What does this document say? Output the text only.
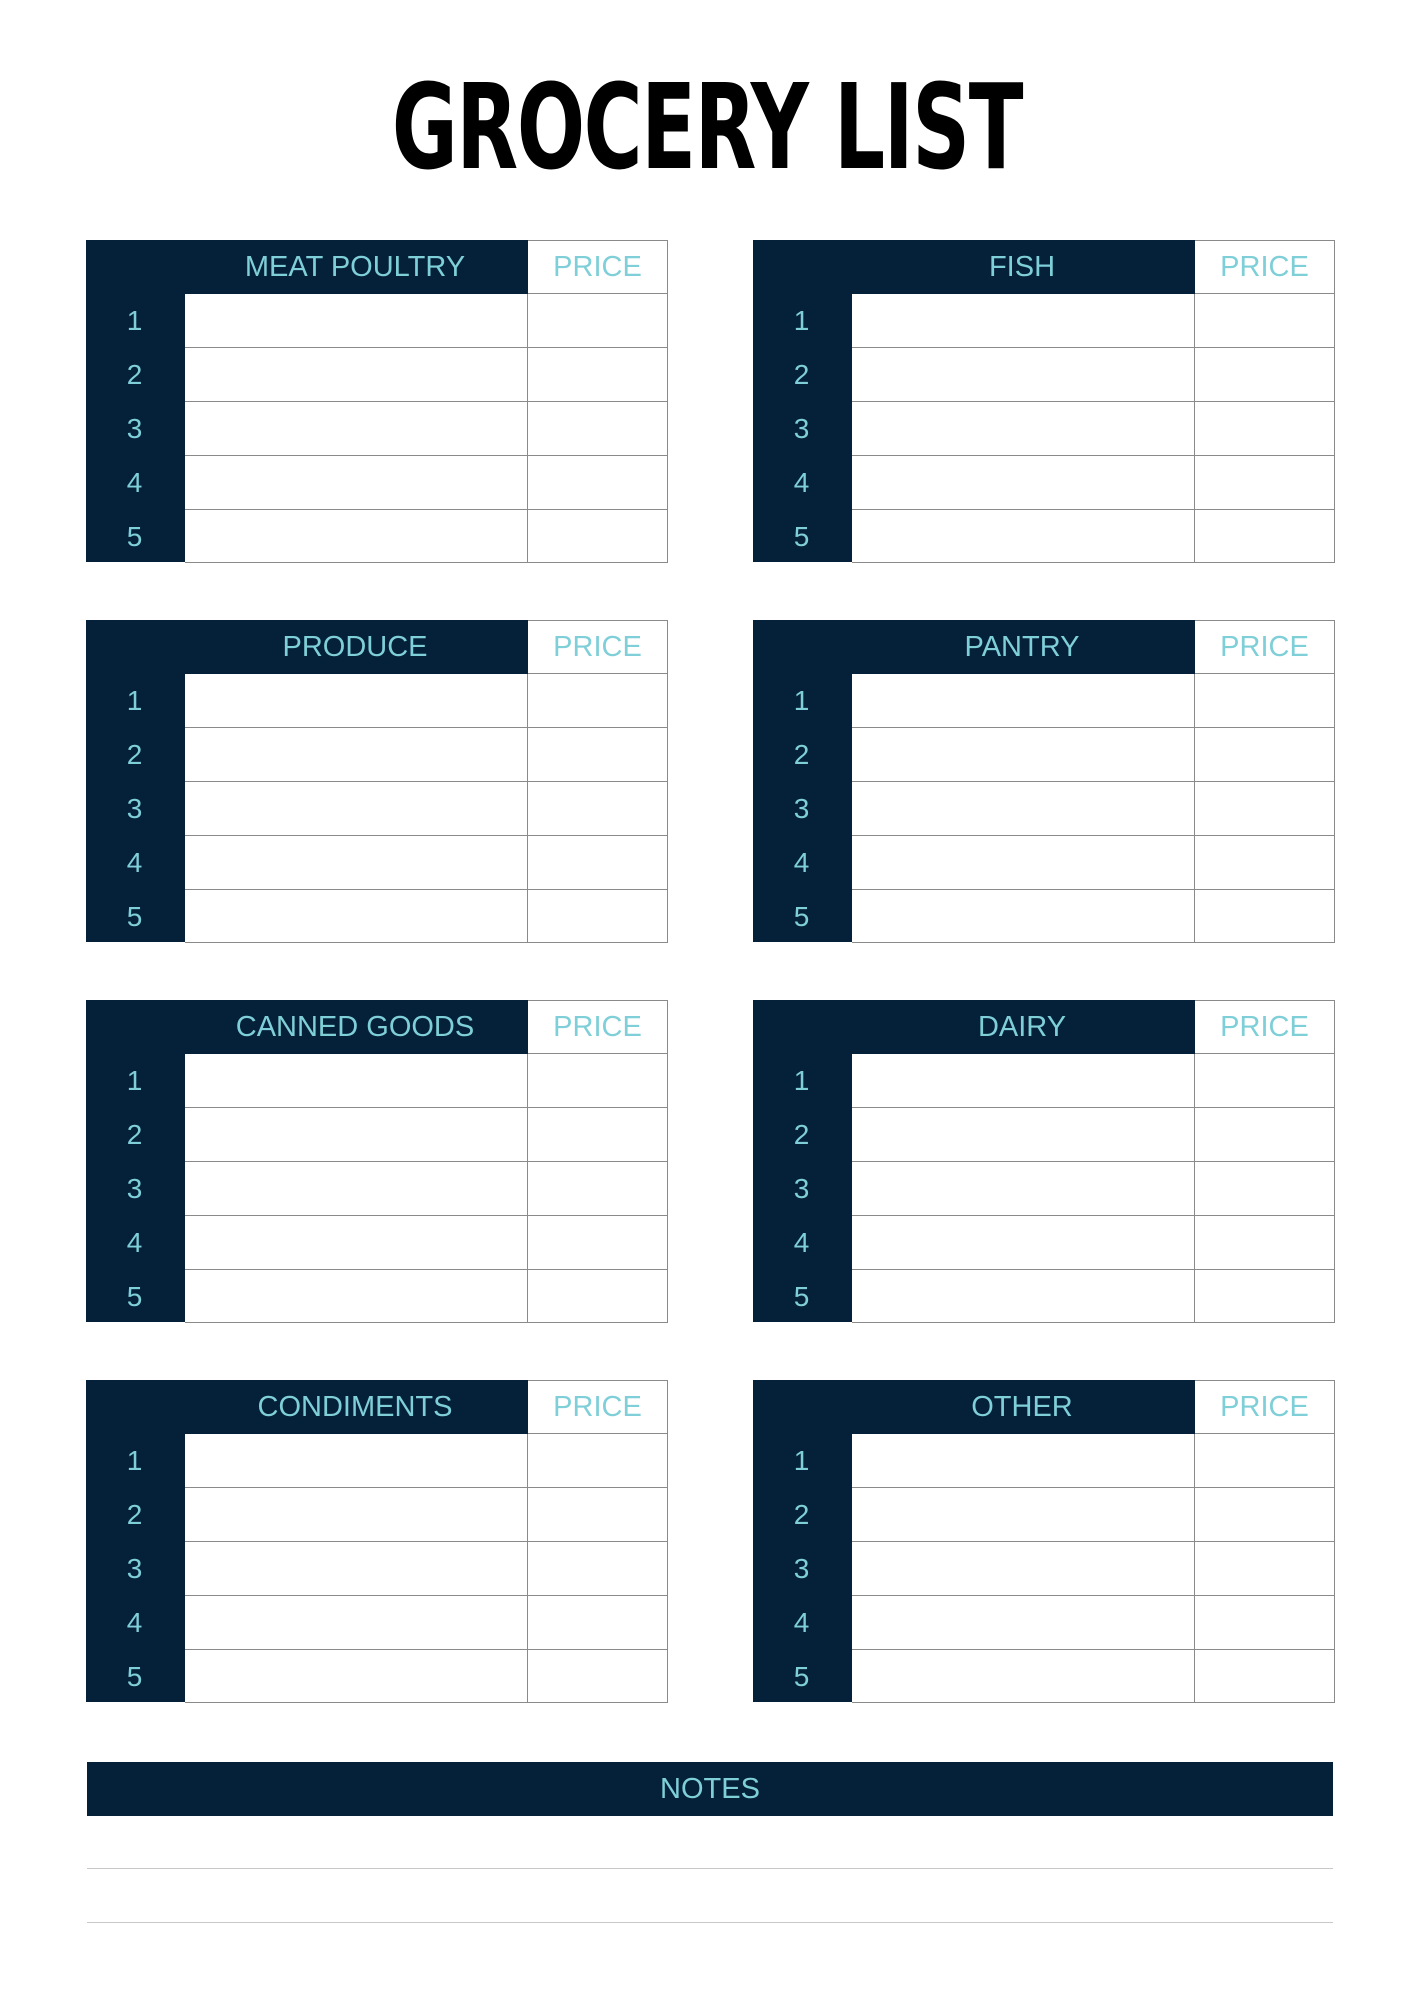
GROCERY LIST
MEAT POULTRY	PRICE
1
2
3
4
5
FISH	PRICE
1
2
3
4
5
PRODUCE	PRICE
1
2
3
4
5
PANTRY	PRICE
1
2
3
4
5
CANNED GOODS	PRICE
1
2
3
4
5
DAIRY	PRICE
1
2
3
4
5
CONDIMENTS	PRICE
1
2
3
4
5
OTHER	PRICE
1
2
3
4
5
NOTES
